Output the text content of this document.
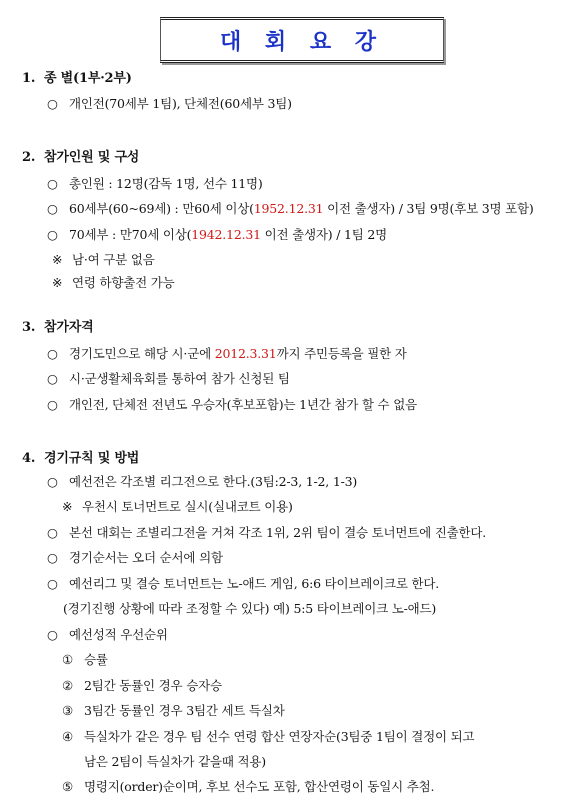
대 회 요 강
1. 종 별(1부·2부)
○ 개인전(70세부 1팀), 단체전(60세부 3팀)
2. 참가인원 및 구성
○ 총인원 : 12명(감독 1명, 선수 11명)
○ 60세부(60~69세) : 만60세 이상(1952.12.31 이전 출생자) / 3팀 9명(후보 3명 포함)
○ 70세부 : 만70세 이상(1942.12.31 이전 출생자) / 1팀 2명
※ 남·여 구분 없음
※ 연령 하향출전 가능
3. 참가자격
○ 경기도민으로 해당 시·군에 2012.3.31까지 주민등록을 필한 자
○ 시·군생활체육회를 통하여 참가 신청된 팀
○ 개인전, 단체전 전년도 우승자(후보포함)는 1년간 참가 할 수 없음
4. 경기규칙 및 방법
○ 예선전은 각조별 리그전으로 한다.(3팀:2-3, 1-2, 1-3)
※ 우천시 토너먼트로 실시(실내코트 이용)
○ 본선 대회는 조별리그전을 거쳐 각조 1위, 2위 팀이 결승 토너먼트에 진출한다.
○ 경기순서는 오더 순서에 의함
○ 예선리그 및 결승 토너먼트는 노-애드 게임, 6:6 타이브레이크로 한다.
(경기진행 상황에 따라 조정할 수 있다) 예) 5:5 타이브레이크 노-애드)
○ 예선성적 우선순위
① 승률
② 2팀간 동률인 경우 승자승
③ 3팀간 동률인 경우 3팀간 세트 득실차
④ 득실차가 같은 경우 팀 선수 연령 합산 연장자순(3팀중 1팀이 결정이 되고
남은 2팀이 득실차가 같을때 적용)
⑤ 명령지(order)순이며, 후보 선수도 포함, 합산연령이 동일시 추첨.
